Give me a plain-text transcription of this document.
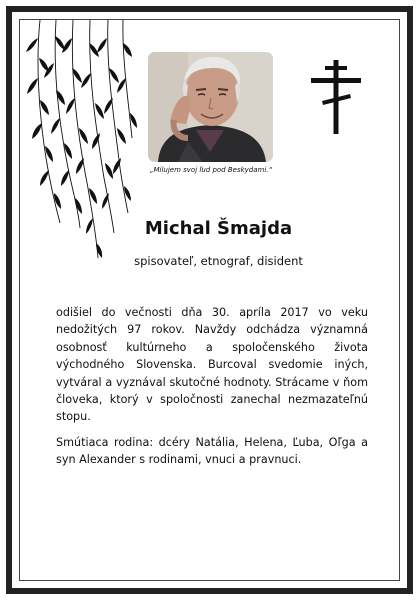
„Milujem svoj ľud pod Beskydami.“
Michal Šmajda
spisovateľ, etnograf, disident
odišiel do večnosti dňa 30. apríla 2017 vo veku nedožitých 97 rokov. Navždy odchádza významná osobnosť kultúrneho a spoločenského života východného Slovenska. Burcoval svedomie iných, vytváral a vyznával skutočné hodnoty. Strácame v ňom človeka, ktorý v spoločnosti zanechal nezmazateľnú stopu.
Smútiaca rodina: dcéry Natália, Helena, Ľuba, Oľga a syn Alexander s rodinami, vnuci a pravnuci.
